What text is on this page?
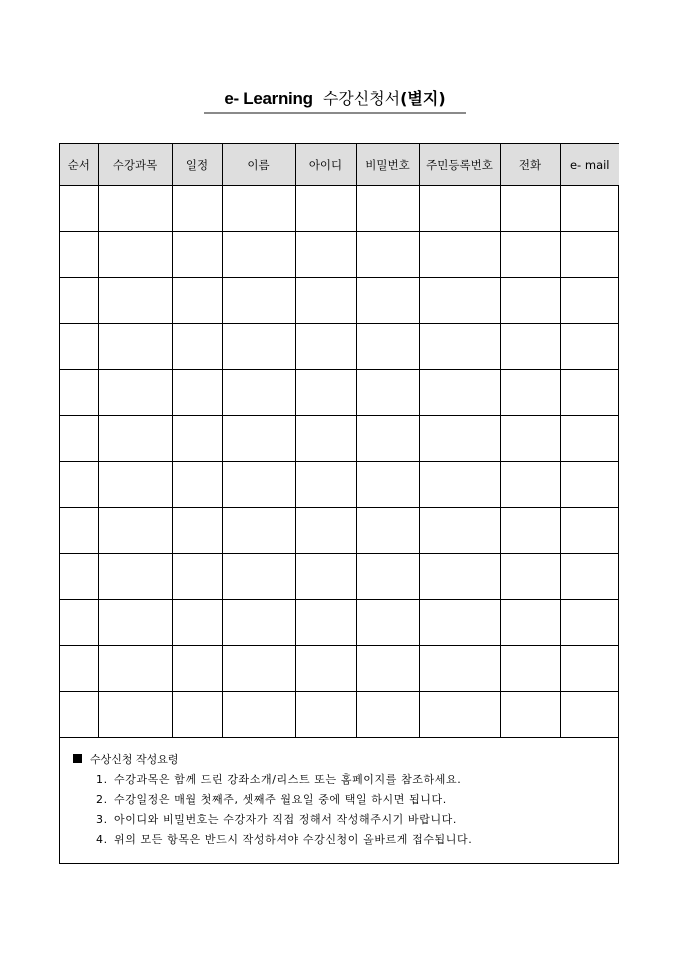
e- Learning 수강신청서(별지)
순서	수강과목	일정	이름	아이디	비밀번호	주민등록번호	전화	e- mail

수상신청 작성요령
1. 수강과목은 함께 드린 강좌소개/리스트 또는 홈페이지를 참조하세요.
2. 수강일정은 매월 첫째주, 셋째주 월요일 중에 택일 하시면 됩니다.
3. 아이디와 비밀번호는 수강자가 직접 정해서 작성해주시기 바랍니다.
4. 위의 모든 항목은 반드시 작성하셔야 수강신청이 올바르게 접수됩니다.
